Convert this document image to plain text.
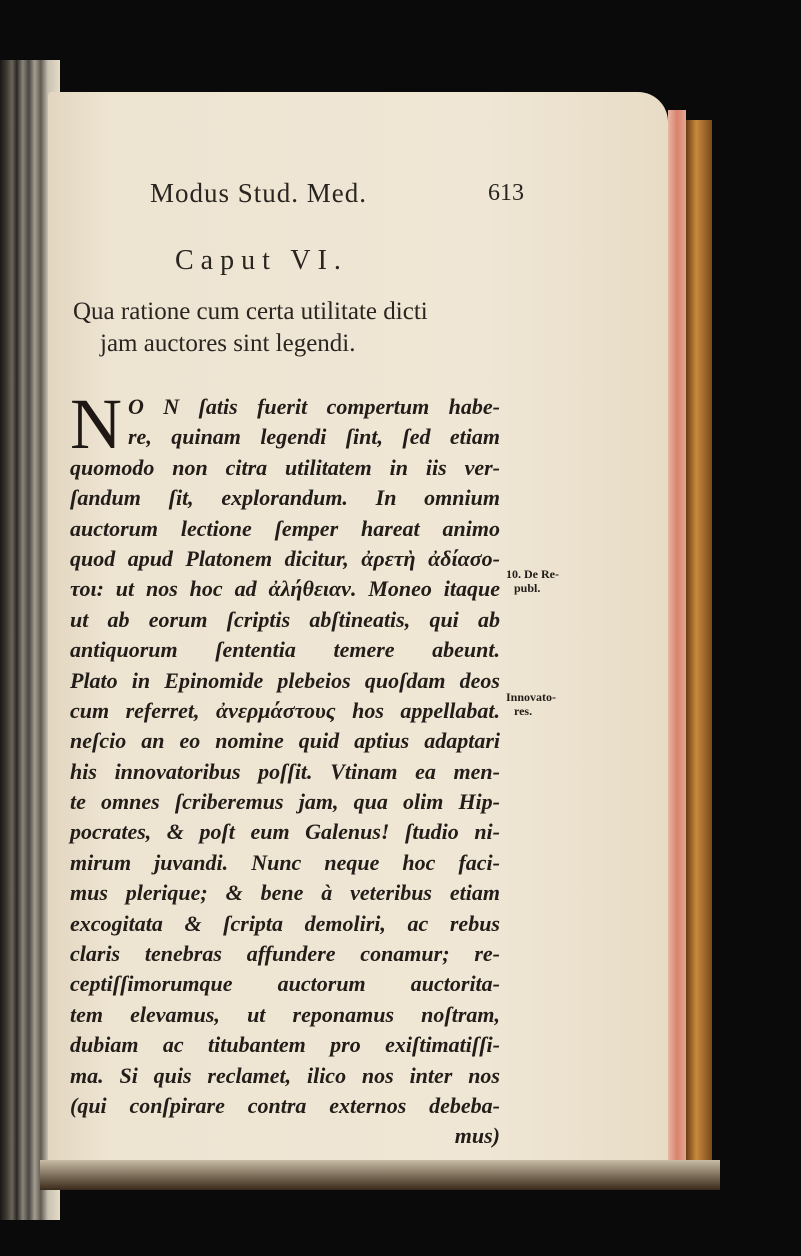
Modus Stud. Med.	613
Caput VI.
Qua ratione cum certa utilitate dicti
jam auctores sint legendi.
N O N ſatis fuerit compertum habe-
re, quinam legendi ſint, ſed etiam
quomodo non citra utilitatem in iis ver-
ſandum ſit, explorandum. In omnium
auctorum lectione ſemper hareat animo
quod apud Platonem dicitur, ἀρετὴ ἀδίασο-
τοι: ut nos hoc ad ἀλήθειαν. Moneo itaque
ut ab eorum ſcriptis abſtineatis, qui ab
antiquorum ſententia temere abeunt.
Plato in Epinomide plebeios quoſdam deos
cum referret, ἀνερμάστους hos appellabat.
neſcio an eo nomine quid aptius adaptari
his innovatoribus poſſit. Vtinam ea men-
te omnes ſcriberemus jam, qua olim Hip-
pocrates, & poſt eum Galenus! ſtudio ni-
mirum juvandi. Nunc neque hoc faci-
mus plerique; & bene à veteribus etiam
excogitata & ſcripta demoliri, ac rebus
claris tenebras affundere conamur; re-
ceptiſſimorumque auctorum auctorita-
tem elevamus, ut reponamus noſtram,
dubiam ac titubantem pro exiſtimatiſſi-
ma. Si quis reclamet, ilico nos inter nos
(qui conſpirare contra externos debeba-
mus)
10. De Re-
publ.
Innovato-
res.
